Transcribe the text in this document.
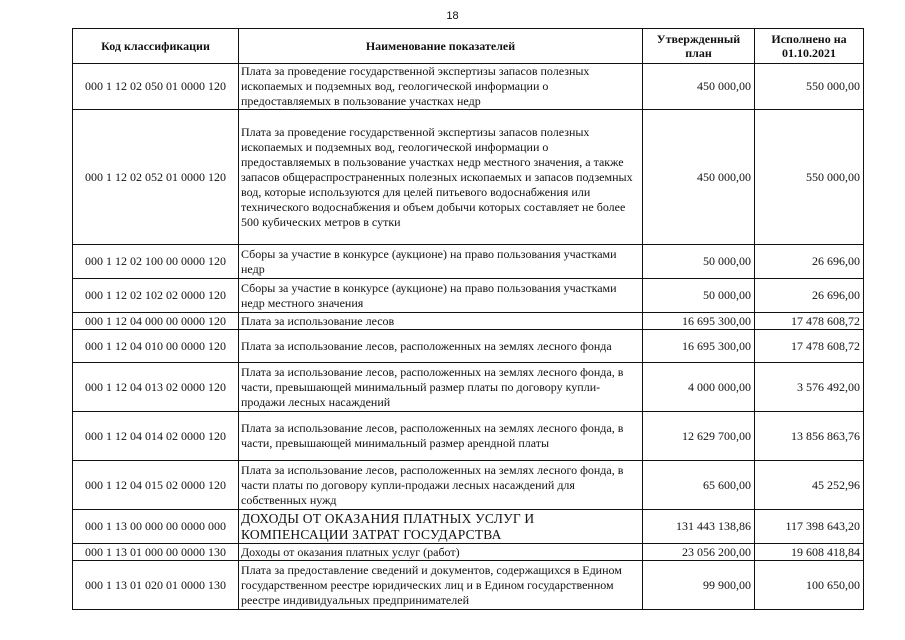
18
Код классификации	Наименование показателей	Утвержденный план	Исполнено на 01.10.2021
000 1 12 02 050 01 0000 120	Плата за проведение государственной экспертизы запасов полезных ископаемых и подземных вод, геологической информации о предоставляемых в пользование участках недр	450 000,00	550 000,00
000 1 12 02 052 01 0000 120	Плата за проведение государственной экспертизы запасов полезных ископаемых и подземных вод, геологической информации о предоставляемых в пользование участках недр местного значения, а также запасов общераспространенных полезных ископаемых и запасов подземных вод, которые используются для целей питьевого водоснабжения или технического водоснабжения и объем добычи которых составляет не более 500 кубических метров в сутки	450 000,00	550 000,00
000 1 12 02 100 00 0000 120	Сборы за участие в конкурсе (аукционе) на право пользования участками недр	50 000,00	26 696,00
000 1 12 02 102 02 0000 120	Сборы за участие в конкурсе (аукционе) на право пользования участками недр местного значения	50 000,00	26 696,00
000 1 12 04 000 00 0000 120	Плата за использование лесов	16 695 300,00	17 478 608,72
000 1 12 04 010 00 0000 120	Плата за использование лесов, расположенных на землях лесного фонда	16 695 300,00	17 478 608,72
000 1 12 04 013 02 0000 120	Плата за использование лесов, расположенных на землях лесного фонда, в части, превышающей минимальный размер платы по договору купли-продажи лесных насаждений	4 000 000,00	3 576 492,00
000 1 12 04 014 02 0000 120	Плата за использование лесов, расположенных на землях лесного фонда, в части, превышающей минимальный размер арендной платы	12 629 700,00	13 856 863,76
000 1 12 04 015 02 0000 120	Плата за использование лесов, расположенных на землях лесного фонда, в части платы по договору купли-продажи лесных насаждений для собственных нужд	65 600,00	45 252,96
000 1 13 00 000 00 0000 000	ДОХОДЫ ОТ ОКАЗАНИЯ ПЛАТНЫХ УСЛУГ И КОМПЕНСАЦИИ ЗАТРАТ ГОСУДАРСТВА	131 443 138,86	117 398 643,20
000 1 13 01 000 00 0000 130	Доходы от оказания платных услуг (работ)	23 056 200,00	19 608 418,84
000 1 13 01 020 01 0000 130	Плата за предоставление сведений и документов, содержащихся в Едином государственном реестре юридических лиц и в Едином государственном реестре индивидуальных предпринимателей	99 900,00	100 650,00
